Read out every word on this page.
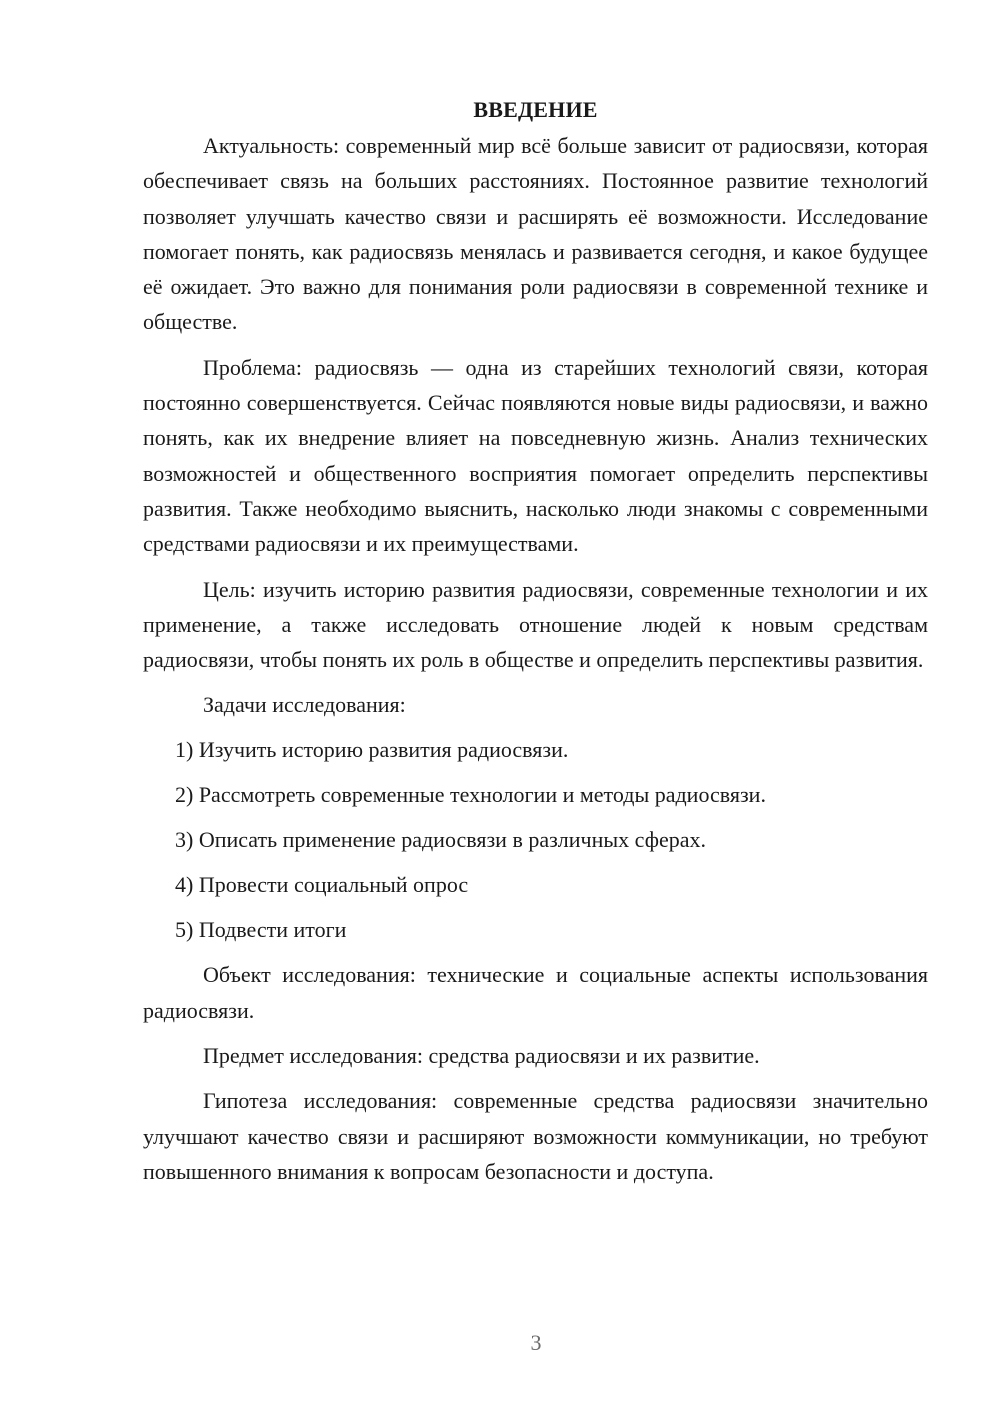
ВВЕДЕНИЕ

Актуальность: современный мир всё больше зависит от радиосвязи, которая обеспечивает связь на больших расстояниях. Постоянное развитие технологий позволяет улучшать качество связи и расширять её возможности. Исследование помогает понять, как радиосвязь менялась и развивается сегодня, и какое будущее её ожидает. Это важно для понимания роли радиосвязи в современной технике и обществе.

Проблема: радиосвязь — одна из старейших технологий связи, которая постоянно совершенствуется. Сейчас появляются новые виды радиосвязи, и важно понять, как их внедрение влияет на повседневную жизнь. Анализ технических возможностей и общественного восприятия помогает определить перспективы развития. Также необходимо выяснить, насколько люди знакомы с современными средствами радиосвязи и их преимуществами.

Цель: изучить историю развития радиосвязи, современные технологии и их применение, а также исследовать отношение людей к новым средствам радиосвязи, чтобы понять их роль в обществе и определить перспективы развития.

Задачи исследования:
1) Изучить историю развития радиосвязи.
2) Рассмотреть современные технологии и методы радиосвязи.
3) Описать применение радиосвязи в различных сферах.
4) Провести социальный опрос
5) Подвести итоги

Объект исследования: технические и социальные аспекты использования радиосвязи.

Предмет исследования: средства радиосвязи и их развитие.

Гипотеза исследования: современные средства радиосвязи значительно улучшают качество связи и расширяют возможности коммуникации, но требуют повышенного внимания к вопросам безопасности и доступа.

3
